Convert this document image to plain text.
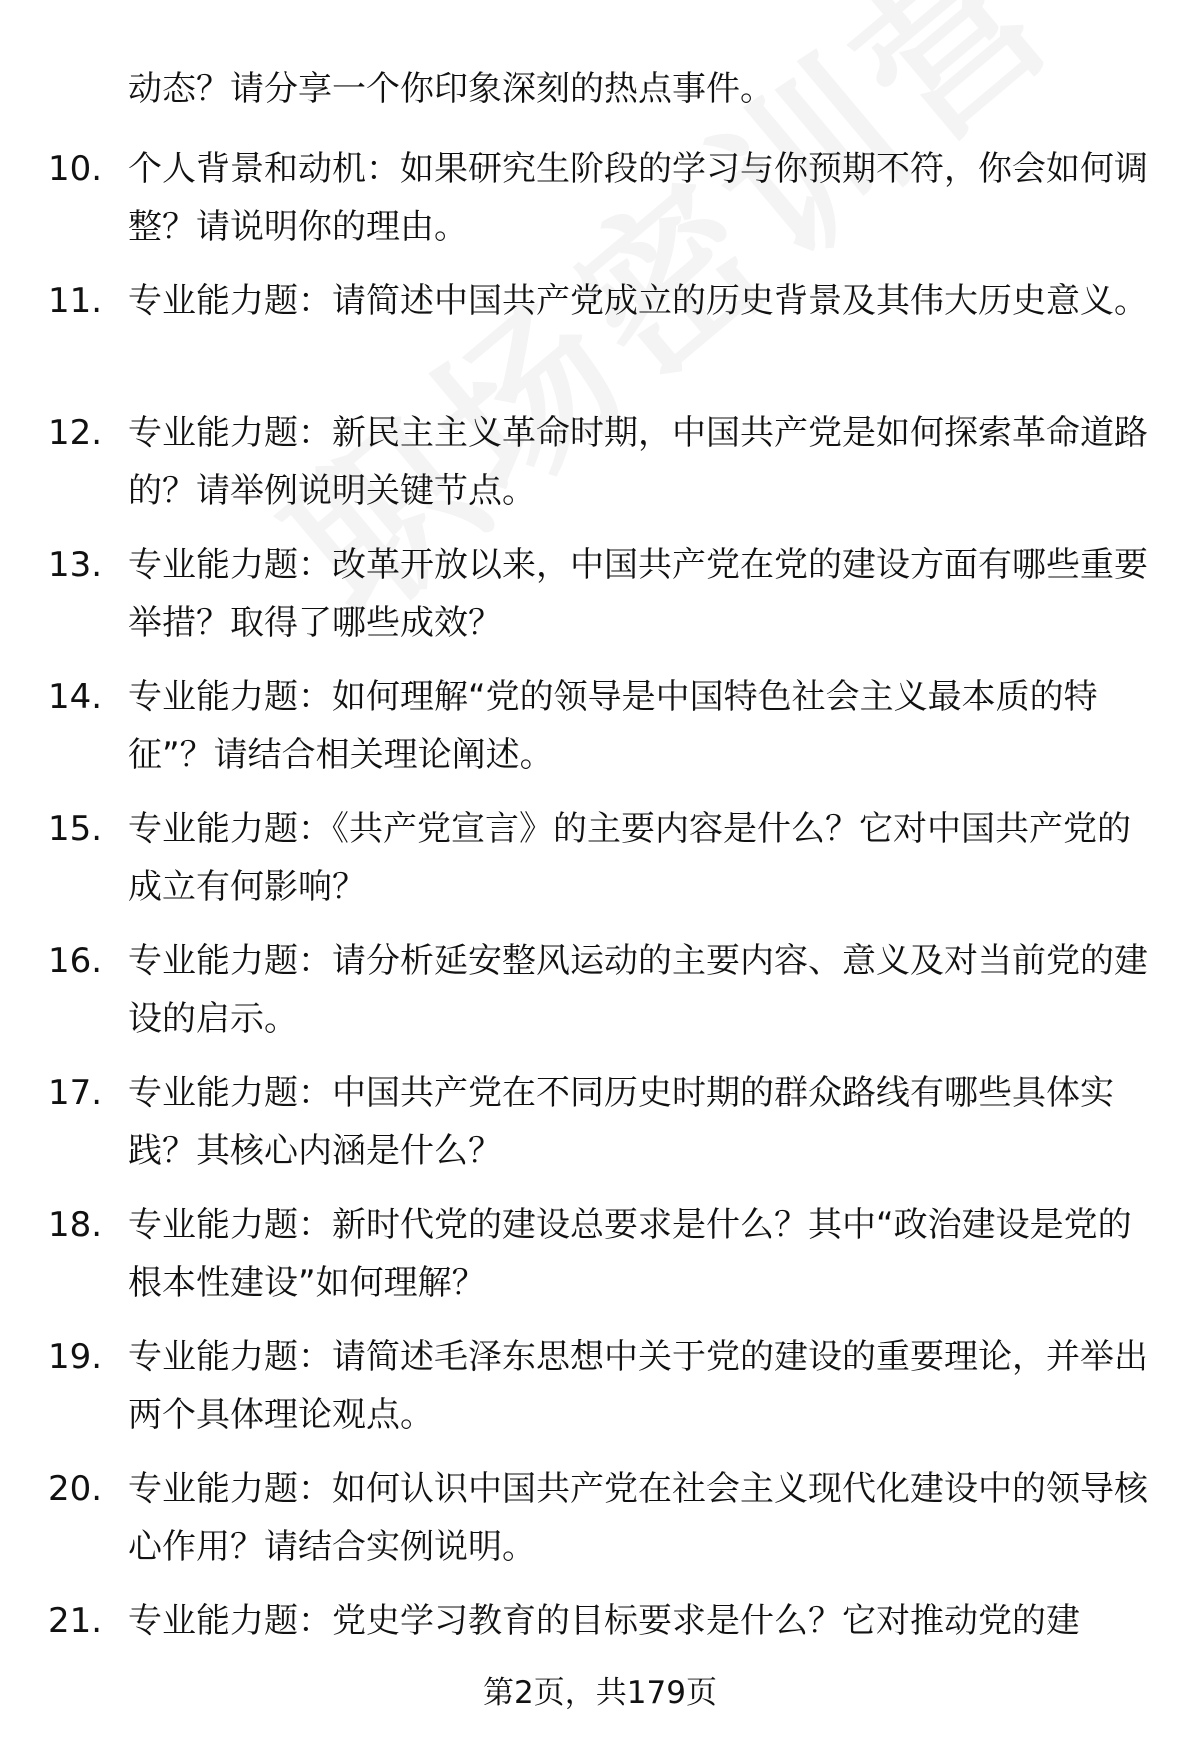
动态？请分享一个你印象深刻的热点事件。
10. 个人背景和动机：如果研究生阶段的学习与你预期不符，你会如何调整？请说明你的理由。
11. 专业能力题：请简述中国共产党成立的历史背景及其伟大历史意义。
12. 专业能力题：新民主主义革命时期，中国共产党是如何探索革命道路的？请举例说明关键节点。
13. 专业能力题：改革开放以来，中国共产党在党的建设方面有哪些重要举措？取得了哪些成效？
14. 专业能力题：如何理解“党的领导是中国特色社会主义最本质的特征”？请结合相关理论阐述。
15. 专业能力题：《共产党宣言》的主要内容是什么？它对中国共产党的成立有何影响？
16. 专业能力题：请分析延安整风运动的主要内容、意义及对当前党的建设的启示。
17. 专业能力题：中国共产党在不同历史时期的群众路线有哪些具体实践？其核心内涵是什么？
18. 专业能力题：新时代党的建设总要求是什么？其中“政治建设是党的根本性建设”如何理解？
19. 专业能力题：请简述毛泽东思想中关于党的建设的重要理论，并举出两个具体理论观点。
20. 专业能力题：如何认识中国共产党在社会主义现代化建设中的领导核心作用？请结合实例说明。
21. 专业能力题：党史学习教育的目标要求是什么？它对推动党的建
第2页，共179页
